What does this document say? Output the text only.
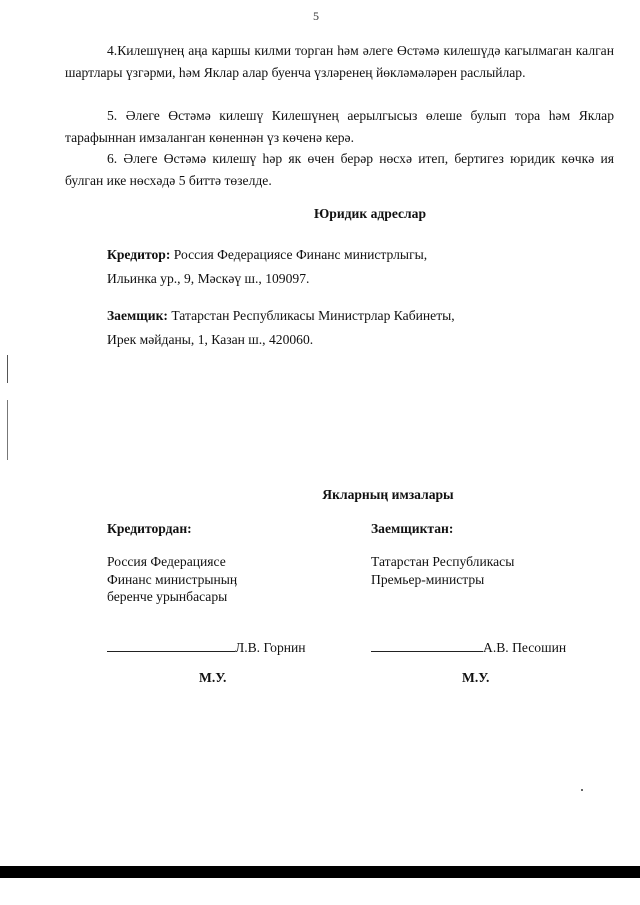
5
4.Килешүнең аңа каршы килми торган һәм әлеге Өстәмә килешүдә кагылмаган калган шартлары үзгәрми, һәм Яклар алар буенча үзләренең йөкләмәләрен раслыйлар.
5. Әлеге Өстәмә килешү Килешүнең аерылгысыз өлеше булып тора һәм Яклар тарафыннан имзаланган көненнән үз көченә керә.
6. Әлеге Өстәмә килешү һәр як өчен берәр нөсхә итеп, бертигез юридик көчкә ия булган ике нөсхәдә 5 биттә төзелде.
Юридик адреслар
Кредитор: Россия Федерациясе Финанс министрлыгы,
Ильинка ур., 9, Мәскәү ш., 109097.
Заемщик: Татарстан Республикасы Министрлар Кабинеты,
Ирек мәйданы, 1, Казан ш., 420060.
Якларның имзалары
Кредитордан:
Россия Федерациясе
Финанс министрыныӊ
беренче урынбасары
Л.В. Горнин
М.У.
Заемщиктан:
Татарстан Республикасы
Премьер-министры
А.В. Песошин
М.У.
